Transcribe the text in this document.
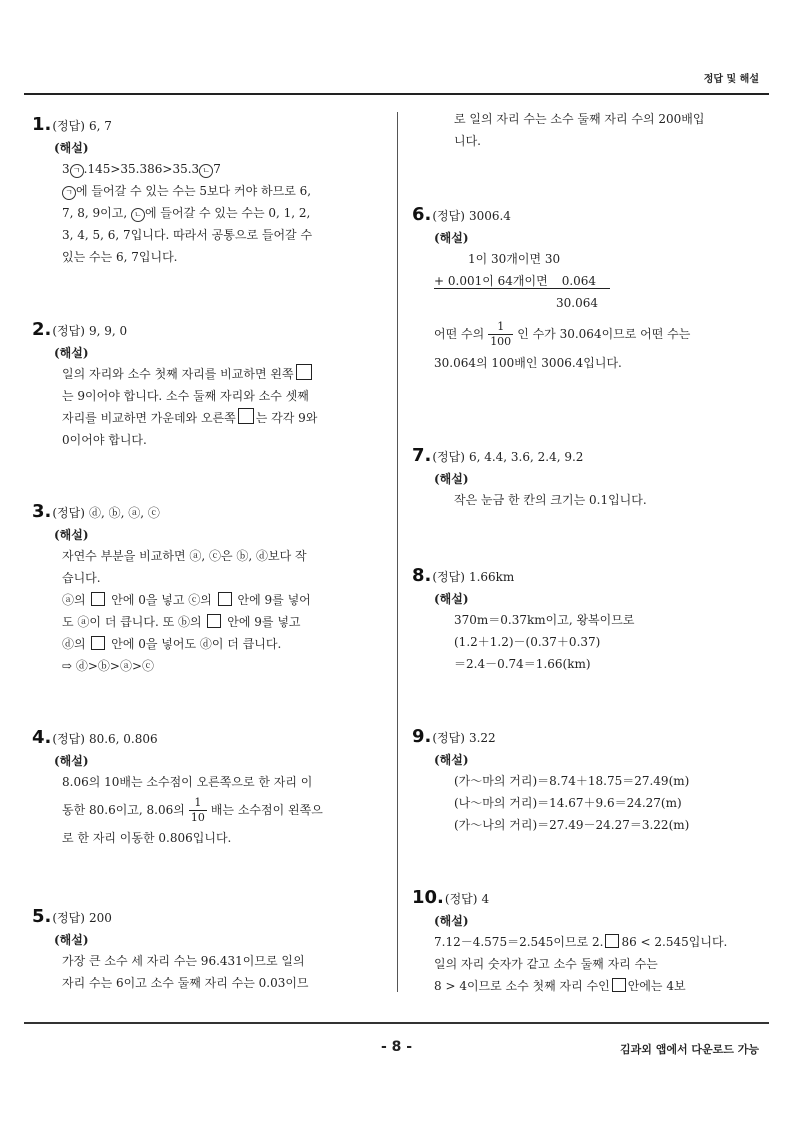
정답 및 해설
1. (정답) 6, 7
(해설)
3 ㄱ .145>35.386>35.3 ㄴ 7
ㄱ 에 들어갈 수 있는 수는 5보다 커야 하므로 6,
7, 8, 9이고, ㄴ 에 들어갈 수 있는 수는 0, 1, 2,
3, 4, 5, 6, 7입니다. 따라서 공통으로 들어갈 수
있는 수는 6, 7입니다.
2. (정답) 9, 9, 0
(해설)
일의 자리와 소수 첫째 자리를 비교하면 왼쪽
는 9이어야 합니다. 소수 둘째 자리와 소수 셋째
자리를 비교하면 가운데와 오른쪽 는 각각 9와
0이어야 합니다.
3. (정답) ⓓ, ⓑ, ⓐ, ⓒ
(해설)
자연수 부분을 비교하면 ⓐ, ⓒ은 ⓑ, ⓓ보다 작
습니다.
ⓐ의 안에 0을 넣고 ⓒ의 안에 9를 넣어
도 ⓐ이 더 큽니다. 또 ⓑ의 안에 9를 넣고
ⓓ의 안에 0을 넣어도 ⓓ이 더 큽니다.
⇨ ⓓ>ⓑ>ⓐ>ⓒ
4. (정답) 80.6, 0.806
(해설)
8.06의 10배는 소수점이 오른쪽으로 한 자리 이
동한 80.6이고, 8.06의 $\frac{1}{10}$ 배는 소수점이 왼쪽으
로 한 자리 이동한 0.806입니다.
5. (정답) 200
(해설)
가장 큰 소수 세 자리 수는 96.431이므로 일의
자리 수는 6이고 소수 둘째 자리 수는 0.03이므
로 일의 자리 수는 소수 둘째 자리 수의 200배입
니다.
6. (정답) 3006.4
(해설)
1이 30개이면 30
+ 0.001이 64개이면 0.064
30.064
어떤 수의 $\frac{1}{100}$ 인 수가 30.064이므로 어떤 수는
30.064의 100배인 3006.4입니다.
7. (정답) 6, 4.4, 3.6, 2.4, 9.2
(해설)
작은 눈금 한 칸의 크기는 0.1입니다.
8. (정답) 1.66km
(해설)
370m＝0.37km이고, 왕복이므로
(1.2＋1.2)－(0.37＋0.37)
＝2.4－0.74＝1.66(km)
9. (정답) 3.22
(해설)
(가～마의 거리)＝8.74＋18.75＝27.49(m)
(나～마의 거리)＝14.67＋9.6＝24.27(m)
(가～나의 거리)＝27.49－24.27＝3.22(m)
10. (정답) 4
(해설)
7.12－4.575＝2.545이므로 2. 86 < 2.545입니다.
일의 자리 숫자가 같고 소수 둘째 자리 수는
8 > 4이므로 소수 첫째 자리 수인 안에는 4보
- 8 -	김과외 앱에서 다운로드 가능
